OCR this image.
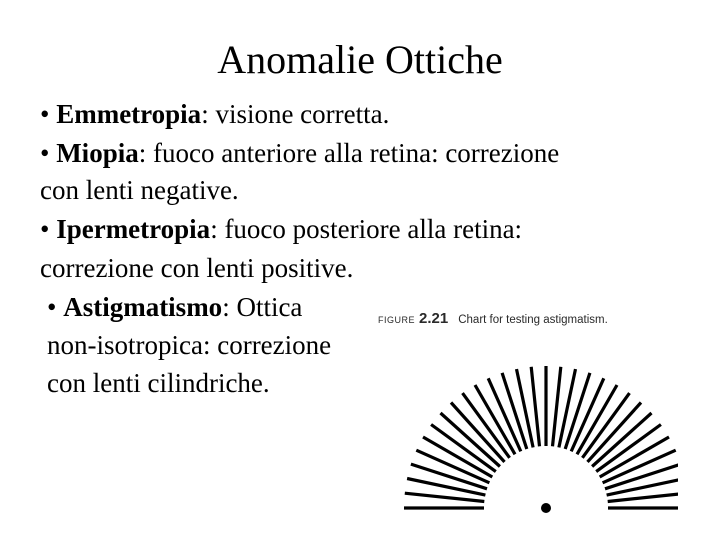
Anomalie Ottiche
• Emmetropia: visione corretta.
• Miopia: fuoco anteriore alla retina: correzione
con lenti negative.
• Ipermetropia: fuoco posteriore alla retina:
correzione con lenti positive.
• Astigmatismo: Ottica
non-isotropica: correzione
con lenti cilindriche.
FIGURE 2.21 Chart for testing astigmatism.
